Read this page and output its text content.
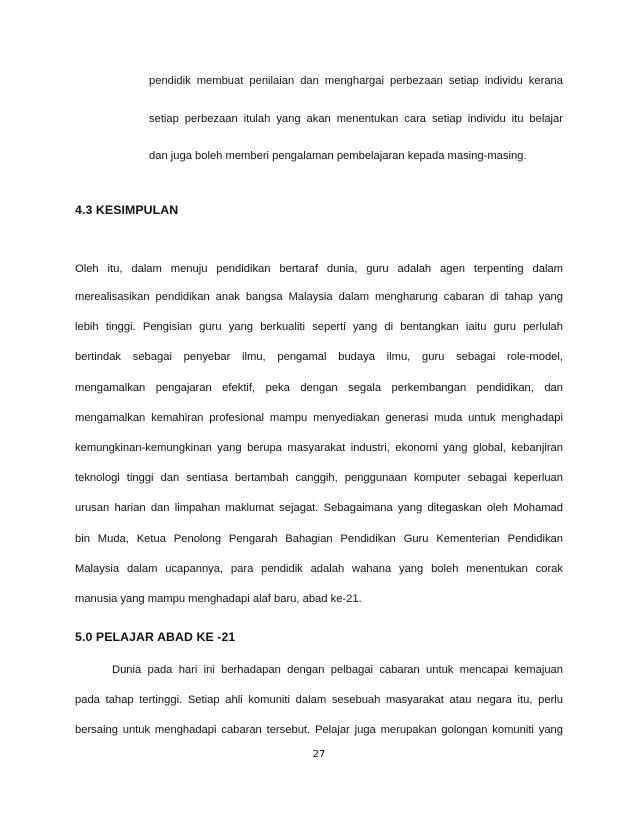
pendidik membuat penilaian dan menghargai perbezaan setiap individu kerana
setiap perbezaan itulah yang akan menentukan cara setiap individu itu belajar
dan juga boleh memberi pengalaman pembelajaran kepada masing-masing.
4.3 KESIMPULAN
Oleh itu, dalam menuju pendidikan bertaraf dunia, guru adalah agen terpenting dalam
merealisasikan pendidikan anak bangsa Malaysia dalam mengharung cabaran di tahap yang
lebih tinggi. Pengisian guru yang berkualiti seperti yang di bentangkan iaitu guru perlulah
bertindak sebagai penyebar ilmu, pengamal budaya ilmu, guru sebagai role-model,
mengamalkan pengajaran efektif, peka dengan segala perkembangan pendidikan, dan
mengamalkan kemahiran profesional mampu menyediakan generasi muda untuk menghadapi
kemungkinan-kemungkinan yang berupa masyarakat industri, ekonomi yang global, kebanjiran
teknologi tinggi dan sentiasa bertambah canggih, penggunaan komputer sebagai keperluan
urusan harian dan limpahan maklumat sejagat. Sebagaimana yang ditegaskan oleh Mohamad
bin Muda, Ketua Penolong Pengarah Bahagian Pendidikan Guru Kementerian Pendidikan
Malaysia dalam ucapannya, para pendidik adalah wahana yang boleh menentukan corak
manusia yang mampu menghadapi alaf baru, abad ke-21.
5.0 PELAJAR ABAD KE -21
Dunia pada hari ini berhadapan dengan pelbagai cabaran untuk mencapai kemajuan
pada tahap tertinggi. Setiap ahli komuniti dalam sesebuah masyarakat atau negara itu, perlu
bersaing untuk menghadapi cabaran tersebut. Pelajar juga merupakan golongan komuniti yang
27
